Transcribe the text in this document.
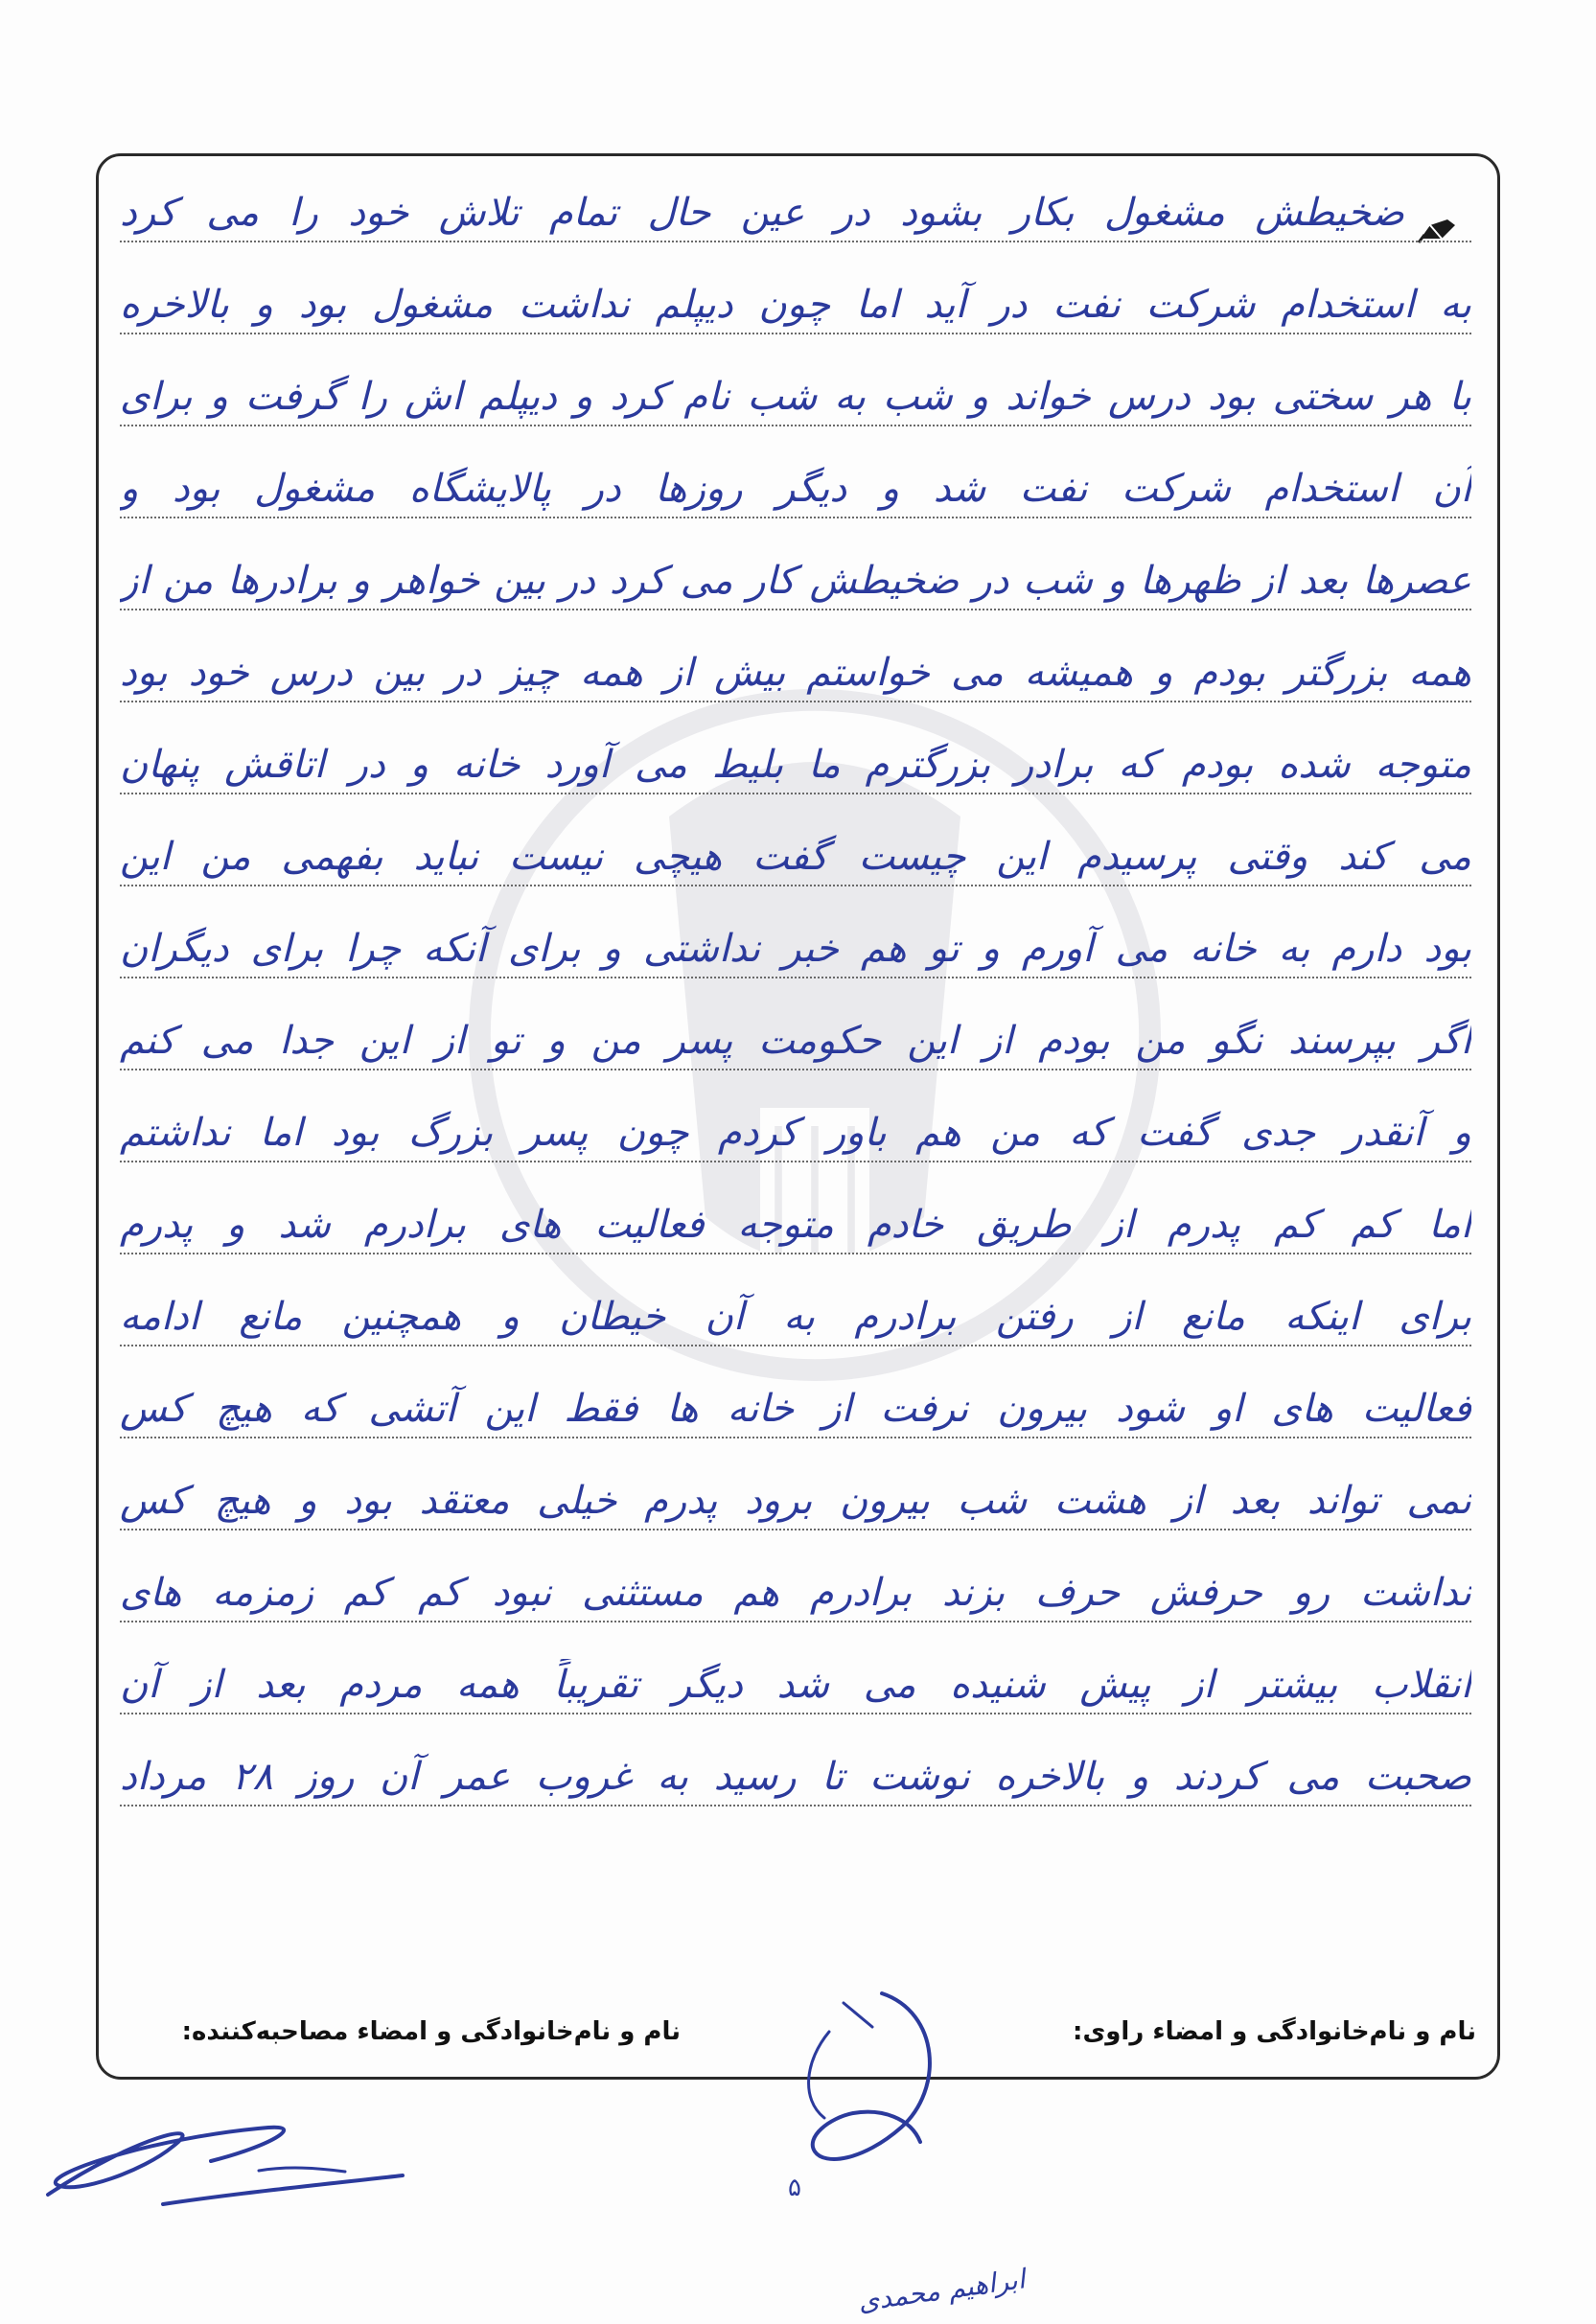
ضخیطش مشغول بکار بشود در عین حال تمام تلاش خود را می کرد
به استخدام شرکت نفت در آید اما چون دیپلم نداشت مشغول بود و بالاخره
با هر سختی بود درس خواند و شب به شب نام کرد و دیپلم اش را گرفت و برای
آن استخدام شرکت نفت شد و دیگر روزها در پالایشگاه مشغول بود و
عصرها بعد از ظهرها و شب در ضخیطش کار می کرد در بین خواهر و برادرها من از
همه بزرگتر بودم و همیشه می خواستم بیش از همه چیز در بین درس خود بود
متوجه شده بودم که برادر بزرگترم ما بلیط می آورد خانه و در اتاقش پنهان
می کند وقتی پرسیدم این چیست گفت هیچی نیست نباید بفهمی من این
بود دارم به خانه می آورم و تو هم خبر نداشتی و برای آنکه چرا برای دیگران
اگر بپرسند نگو من بودم از این حکومت پسر من و تو از این جدا می کنم
و آنقدر جدی گفت که من هم باور کردم چون پسر بزرگ بود اما نداشتم
اما کم کم پدرم از طریق خادم متوجه فعالیت های برادرم شد و پدرم
برای اینکه مانع از رفتن برادرم به آن خیطان و همچنین مانع ادامه
فعالیت های او شود بیرون نرفت از خانه ها فقط این آتشی که هیچ کس
نمی تواند بعد از هشت شب بیرون برود پدرم خیلی معتقد بود و هیچ کس
نداشت رو حرفش حرف بزند برادرم هم مستثنی نبود کم کم زمزمه های
انقلاب بیشتر از پیش شنیده می شد دیگر تقریباً همه مردم بعد از آن
صحبت می کردند و بالاخره نوشت تا رسید به غروب عمر آن روز ۲۸ مرداد
نام و نام‌خانوادگی و امضاء راوی:
نام و نام‌خانوادگی و امضاء مصاحبه‌کننده:
۵
ابراهیم محمدی
